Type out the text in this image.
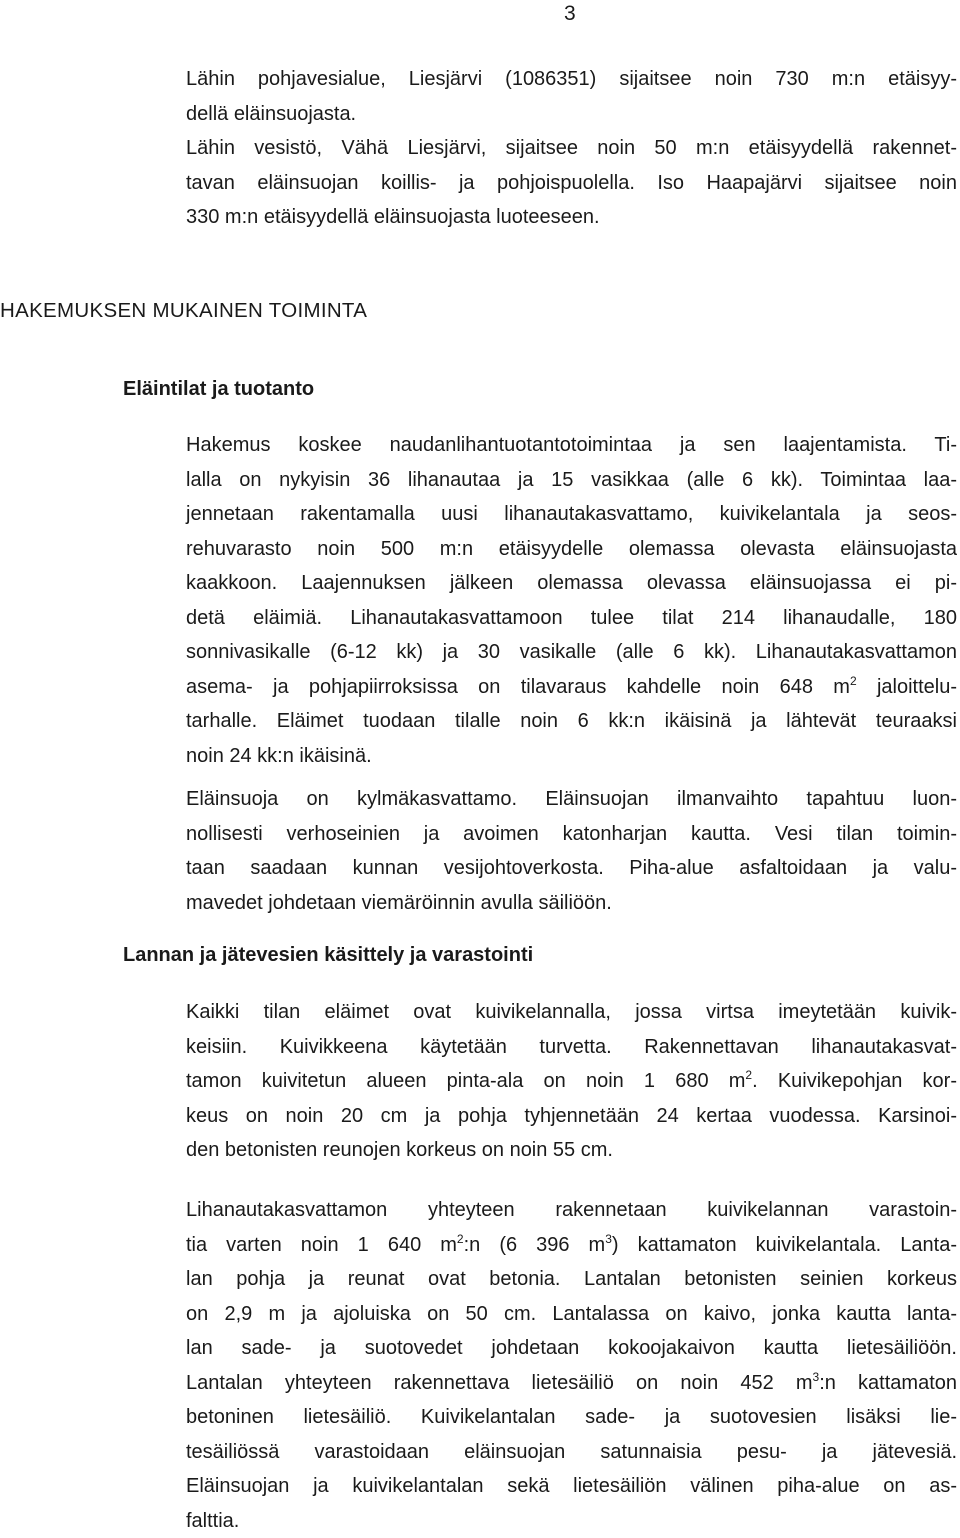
3
Lähin pohjavesialue, Liesjärvi (1086351) sijaitsee noin 730 m:n etäisyy-
dellä eläinsuojasta.
Lähin vesistö, Vähä Liesjärvi, sijaitsee noin 50 m:n etäisyydellä rakennet-
tavan eläinsuojan koillis- ja pohjoispuolella. Iso Haapajärvi sijaitsee noin
330 m:n etäisyydellä eläinsuojasta luoteeseen.
HAKEMUKSEN MUKAINEN TOIMINTA
Eläintilat ja tuotanto
Hakemus koskee naudanlihantuotantotoimintaa ja sen laajentamista. Ti-
lalla on nykyisin 36 lihanautaa ja 15 vasikkaa (alle 6 kk). Toimintaa laa-
jennetaan rakentamalla uusi lihanautakasvattamo, kuivikelantala ja seos-
rehuvarasto noin 500 m:n etäisyydelle olemassa olevasta eläinsuojasta
kaakkoon. Laajennuksen jälkeen olemassa olevassa eläinsuojassa ei pi-
detä eläimiä. Lihanautakasvattamoon tulee tilat 214 lihanaudalle, 180
sonnivasikalle (6-12 kk) ja 30 vasikalle (alle 6 kk). Lihanautakasvattamon
asema- ja pohjapiirroksissa on tilavaraus kahdelle noin 648 $m^2$ jaloittelu-
tarhalle. Eläimet tuodaan tilalle noin 6 kk:n ikäisinä ja lähtevät teuraaksi
noin 24 kk:n ikäisinä.
Eläinsuoja on kylmäkasvattamo. Eläinsuojan ilmanvaihto tapahtuu luon-
nollisesti verhoseinien ja avoimen katonharjan kautta. Vesi tilan toimin-
taan saadaan kunnan vesijohtoverkosta. Piha-alue asfaltoidaan ja valu-
mavedet johdetaan viemäröinnin avulla säiliöön.
Lannan ja jätevesien käsittely ja varastointi
Kaikki tilan eläimet ovat kuivikelannalla, jossa virtsa imeytetään kuivik-
keisiin. Kuivikkeena käytetään turvetta. Rakennettavan lihanautakasvat-
tamon kuivitetun alueen pinta-ala on noin 1 680 $m^2$. Kuivikepohjan kor-
keus on noin 20 cm ja pohja tyhjennetään 24 kertaa vuodessa. Karsinoi-
den betonisten reunojen korkeus on noin 55 cm.
Lihanautakasvattamon yhteyteen rakennetaan kuivikelannan varastoin-
tia varten noin 1 640 $m^2:n$ (6 396 $m^3$) kattamaton kuivikelantala. Lanta-
lan pohja ja reunat ovat betonia. Lantalan betonisten seinien korkeus
on 2,9 m ja ajoluiska on 50 cm. Lantalassa on kaivo, jonka kautta lanta-
lan sade- ja suotovedet johdetaan kokoojakaivon kautta lietesäiliöön.
Lantalan yhteyteen rakennettava lietesäiliö on noin 452 $m^3:n$ kattamaton
betoninen lietesäiliö. Kuivikelantalan sade- ja suotovesien lisäksi lie-
tesäiliössä varastoidaan eläinsuojan satunnaisia pesu- ja jätevesiä.
Eläinsuojan ja kuivikelantalan sekä lietesäiliön välinen piha-alue on as-
falttia.
